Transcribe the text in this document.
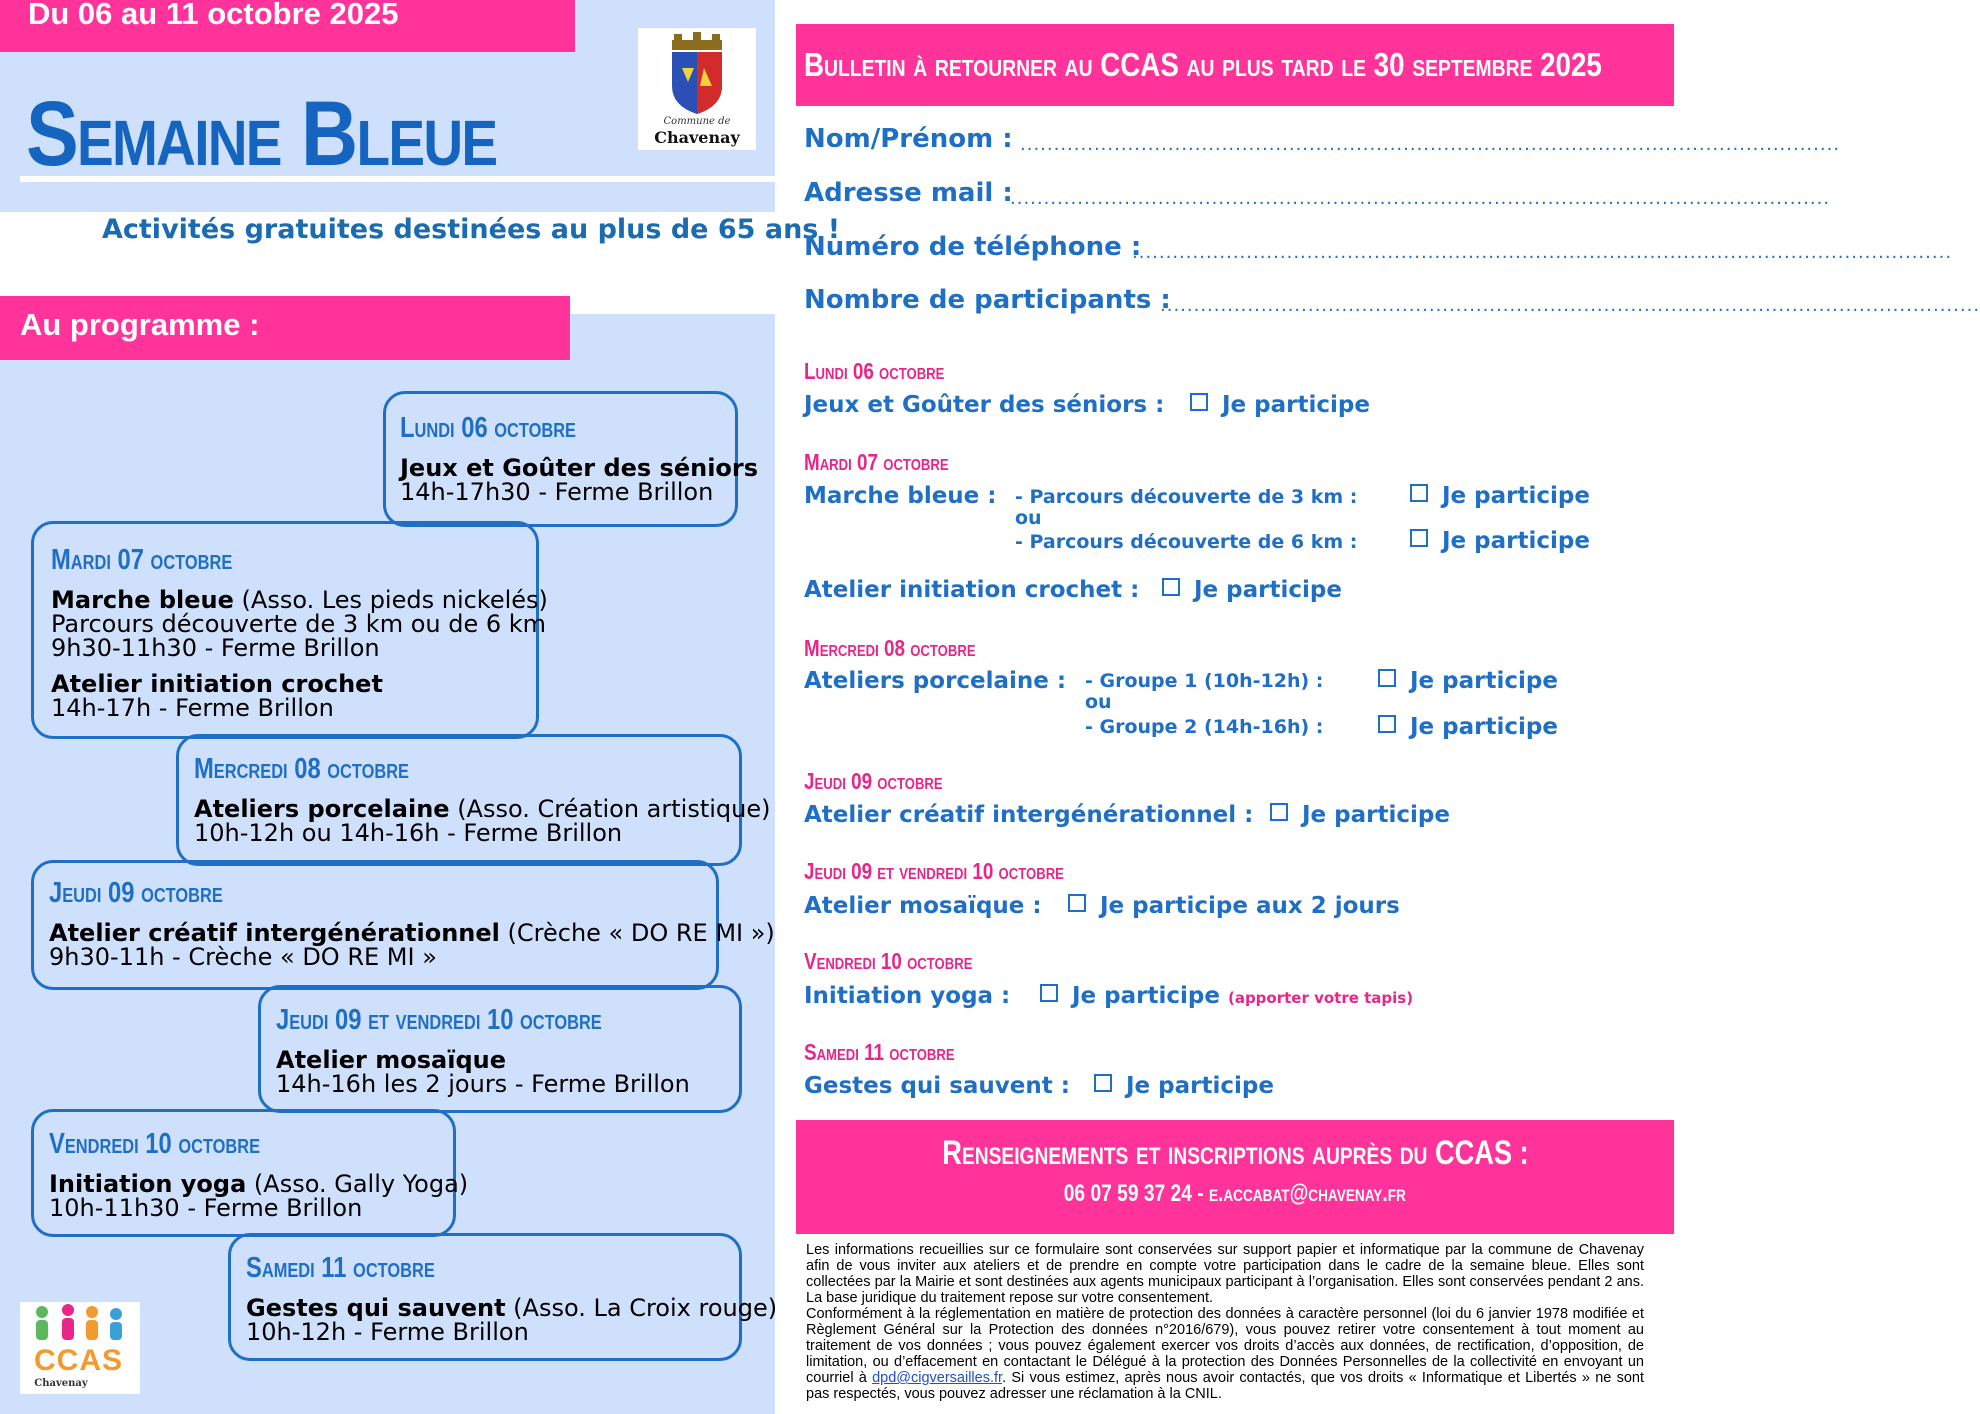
Du 06 au 11 octobre 2025
Semaine Bleue
Activités gratuites destinées au plus de 65 ans !
Commune de
Chavenay
Au programme :
Lundi 06 octobre
Jeux et Goûter des séniors
14h-17h30 - Ferme Brillon
Mardi 07 octobre
Marche bleue (Asso. Les pieds nickelés)
Parcours découverte de 3 km ou de 6 km
9h30-11h30 - Ferme Brillon
Atelier initiation crochet
14h-17h - Ferme Brillon
Mercredi 08 octobre
Ateliers porcelaine (Asso. Création artistique)
10h-12h ou 14h-16h - Ferme Brillon
Jeudi 09 octobre
Atelier créatif intergénérationnel (Crèche « DO RE MI »)
9h30-11h - Crèche « DO RE MI »
Jeudi 09 et vendredi 10 octobre
Atelier mosaïque
14h-16h les 2 jours - Ferme Brillon
Vendredi 10 octobre
Initiation yoga (Asso. Gally Yoga)
10h-11h30 - Ferme Brillon
Samedi 11 octobre
Gestes qui sauvent (Asso. La Croix rouge)
10h-12h - Ferme Brillon
CCAS
Chavenay
Bulletin à retourner au CCAS au plus tard le 30 septembre 2025
Nom/Prénom : ..........................................................................................................................
Adresse mail :
..........................................................................................................................
Numéro de téléphone :
..........................................................................................................................
Nombre de participants :
..........................................................................................................................
Lundi 06 octobre
Jeux et Goûter des séniors :	Je participe
Mardi 07 octobre
Marche bleue : - Parcours découverte de 3 km :	Je participe
ou
- Parcours découverte de 6 km :	Je participe
Atelier initiation crochet :	Je participe
Mercredi 08 octobre
Ateliers porcelaine : - Groupe 1 (10h-12h) :	Je participe
ou
- Groupe 2 (14h-16h) :	Je participe
Jeudi 09 octobre
Atelier créatif intergénérationnel :	Je participe
Jeudi 09 et vendredi 10 octobre
Atelier mosaïque :	Je participe aux 2 jours
Vendredi 10 octobre
Initiation yoga :	Je participe (apporter votre tapis)
Samedi 11 octobre
Gestes qui sauvent :	Je participe
Renseignements et inscriptions auprès du CCAS :
06 07 59 37 24 - e.accabat@chavenay.fr
Les informations recueillies sur ce formulaire sont conservées sur support papier et informatique par la commune de Chavenay afin de vous inviter aux ateliers et de prendre en compte votre participation dans le cadre de la semaine bleue. Elles sont collectées par la Mairie et sont destinées aux agents municipaux participant à l’organisation. Elles sont conservées pendant 2 ans. La base juridique du traitement repose sur votre consentement.
Conformément à la réglementation en matière de protection des données à caractère personnel (loi du 6 janvier 1978 modifiée et Règlement Général sur la Protection des données n°2016/679), vous pouvez retirer votre consentement à tout moment au traitement de vos données ; vous pouvez également exercer vos droits d’accès aux données, de rectification, d’opposition, de limitation, ou d’effacement en contactant le Délégué à la protection des Données Personnelles de la collectivité en envoyant un courriel à dpd@cigversailles.fr. Si vous estimez, après nous avoir contactés, que vos droits « Informatique et Libertés » ne sont pas respectés, vous pouvez adresser une réclamation à la CNIL.
